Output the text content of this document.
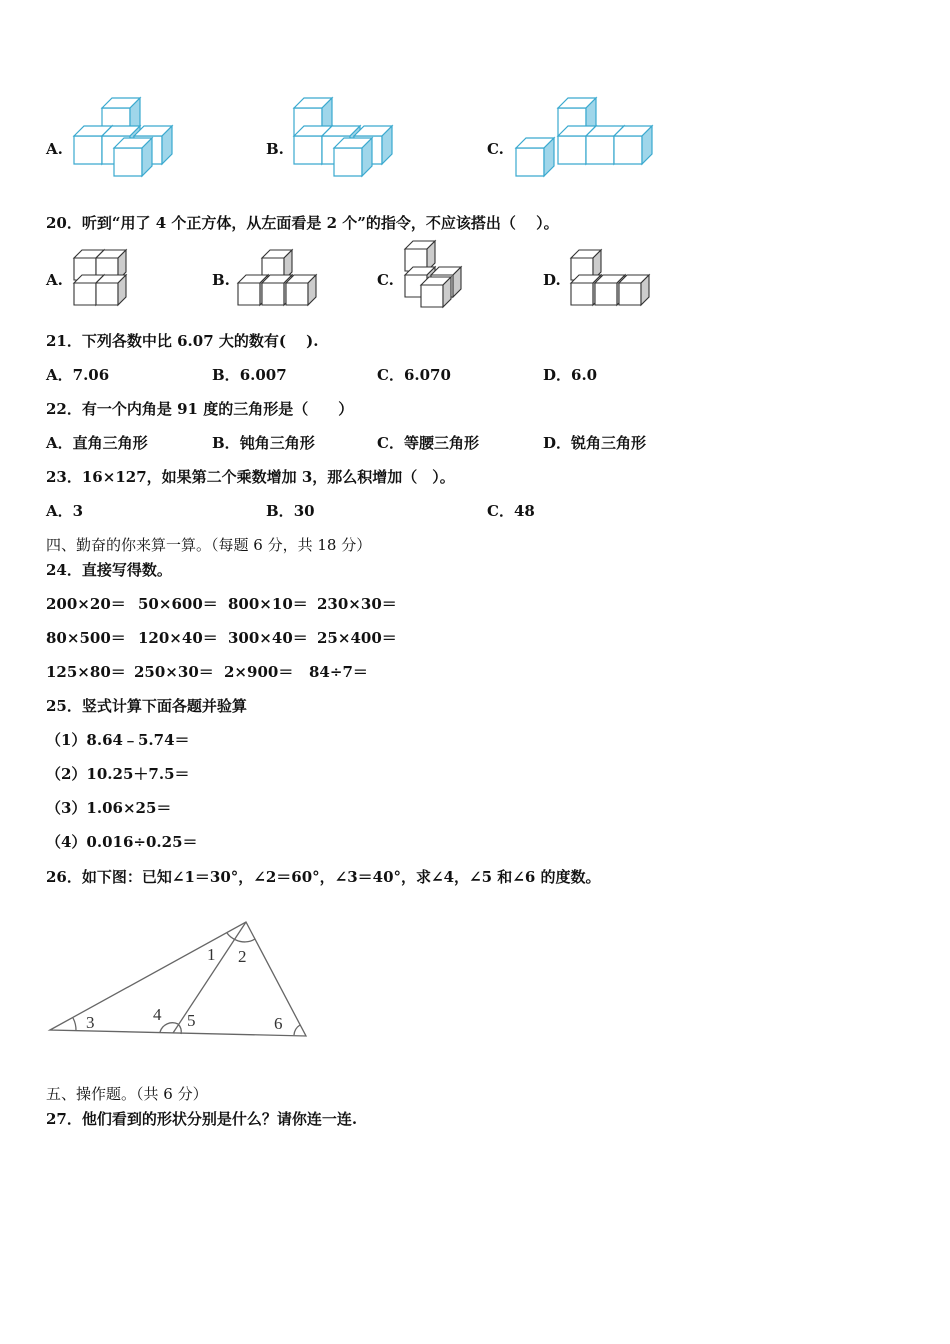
A.	B.	C.
20．听到“用了 4 个正方体，从左面看是 2 个”的指令，不应该搭出（　 ）。
A.	B.	C.	D.
21．下列各数中比 6.07 大的数有(　 ).
A．7.06	B．6.007	C．6.070	D．6.0
22．有一个内角是 91 度的三角形是（　　）
A．直角三角形	B．钝角三角形	C．等腰三角形	D．锐角三角形
23．16×127，如果第二个乘数增加 3，那么积增加（　）。
A．3	B．30	C．48
四、勤奋的你来算一算。（每题 6 分，共 18 分）
24．直接写得数。
200×20＝ 50×600＝ 800×10＝ 230×30＝
80×500＝ 120×40＝ 300×40＝ 25×400＝
125×80＝ 250×30＝ 2×900＝ 84÷7＝
25．竖式计算下面各题并验算
（1）8.64﹣5.74＝
（2）10.25＋7.5＝
（3）1.06×25＝
（4）0.016÷0.25＝
26．如下图：已知∠1＝30°，∠2＝60°，∠3＝40°，求∠4，∠5 和∠6 的度数。
1 2
3	4 5	6
五、操作题。（共 6 分）
27．他们看到的形状分别是什么？请你连一连.
